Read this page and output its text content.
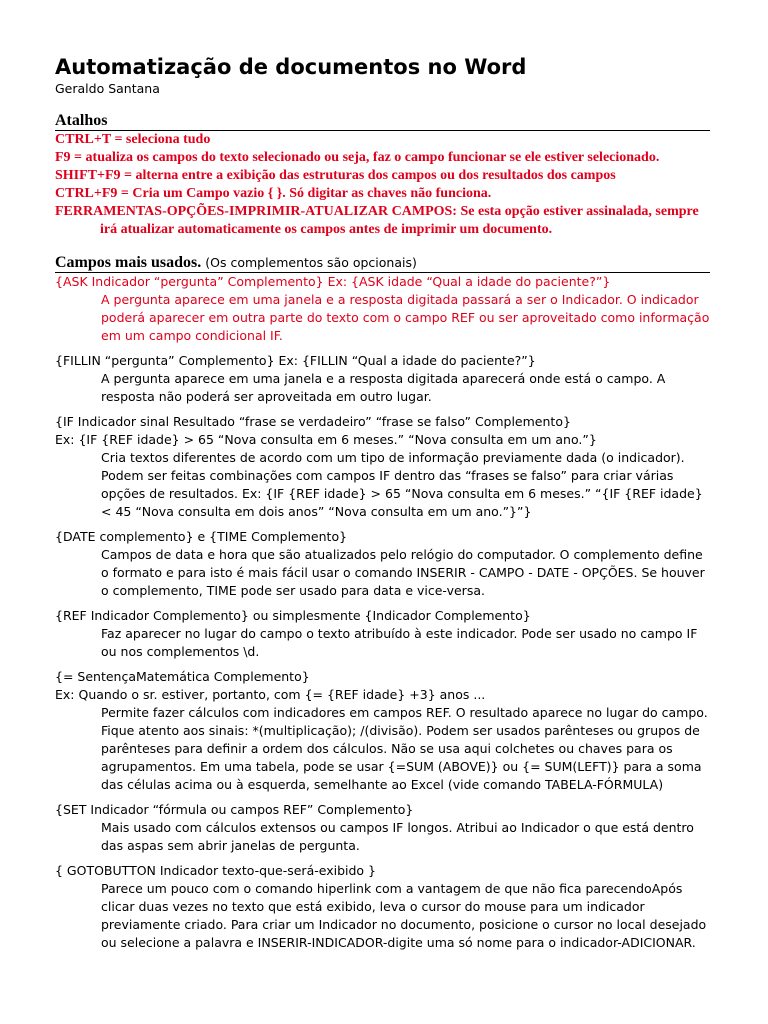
Automatização de documentos no Word

Geraldo Santana

Atalhos
CTRL+T = seleciona tudo
F9 = atualiza os campos do texto selecionado ou seja, faz o campo funcionar se ele estiver selecionado.
SHIFT+F9 = alterna entre a exibição das estruturas dos campos ou dos resultados dos campos
CTRL+F9 = Cria um Campo vazio { }. Só digitar as chaves não funciona.
FERRAMENTAS-OPÇÕES-IMPRIMIR-ATUALIZAR CAMPOS: Se esta opção estiver assinalada, sempre irá atualizar automaticamente os campos antes de imprimir um documento.
Campos mais usados. (Os complementos são opcionais)
{ASK Indicador “pergunta” Complemento} Ex: {ASK idade “Qual a idade do paciente?”}
A pergunta aparece em uma janela e a resposta digitada passará a ser o Indicador. O indicador poderá aparecer em outra parte do texto com o campo REF ou ser aproveitado como informação em um campo condicional IF.
{FILLIN “pergunta” Complemento} Ex: {FILLIN “Qual a idade do paciente?”}
A pergunta aparece em uma janela e a resposta digitada aparecerá onde está o campo. A resposta não poderá ser aproveitada em outro lugar.
{IF Indicador sinal Resultado “frase se verdadeiro” “frase se falso” Complemento}
Ex: {IF {REF idade} > 65 “Nova consulta em 6 meses.” “Nova consulta em um ano.”}
Cria textos diferentes de acordo com um tipo de informação previamente dada (o indicador). Podem ser feitas combinações com campos IF dentro das “frases se falso” para criar várias opções de resultados. Ex: {IF {REF idade} > 65 “Nova consulta em 6 meses.” “{IF {REF idade} < 45 “Nova consulta em dois anos” “Nova consulta em um ano.”}”}
{DATE complemento} e {TIME Complemento}
Campos de data e hora que são atualizados pelo relógio do computador. O complemento define o formato e para isto é mais fácil usar o comando INSERIR - CAMPO - DATE - OPÇÕES. Se houver o complemento, TIME pode ser usado para data e vice-versa.
{REF Indicador Complemento} ou simplesmente {Indicador Complemento}
Faz aparecer no lugar do campo o texto atribuído à este indicador. Pode ser usado no campo IF ou nos complementos \d.
{= SentençaMatemática Complemento}
Ex: Quando o sr. estiver, portanto, com {= {REF idade} +3} anos ...
Permite fazer cálculos com indicadores em campos REF. O resultado aparece no lugar do campo. Fique atento aos sinais: *(multiplicação); /(divisão). Podem ser usados parênteses ou grupos de parênteses para definir a ordem dos cálculos. Não se usa aqui colchetes ou chaves para os agrupamentos. Em uma tabela, pode se usar {=SUM (ABOVE)} ou {= SUM(LEFT)} para a soma das células acima ou à esquerda, semelhante ao Excel (vide comando TABELA-FÓRMULA)
{SET Indicador “fórmula ou campos REF” Complemento}
Mais usado com cálculos extensos ou campos IF longos. Atribui ao Indicador o que está dentro das aspas sem abrir janelas de pergunta.
{ GOTOBUTTON Indicador texto-que-será-exibido }
Parece um pouco com o comando hiperlink com a vantagem de que não fica parecendoApós clicar duas vezes no texto que está exibido, leva o cursor do mouse para um indicador previamente criado. Para criar um Indicador no documento, posicione o cursor no local desejado ou selecione a palavra e INSERIR-INDICADOR-digite uma só nome para o indicador-ADICIONAR.
